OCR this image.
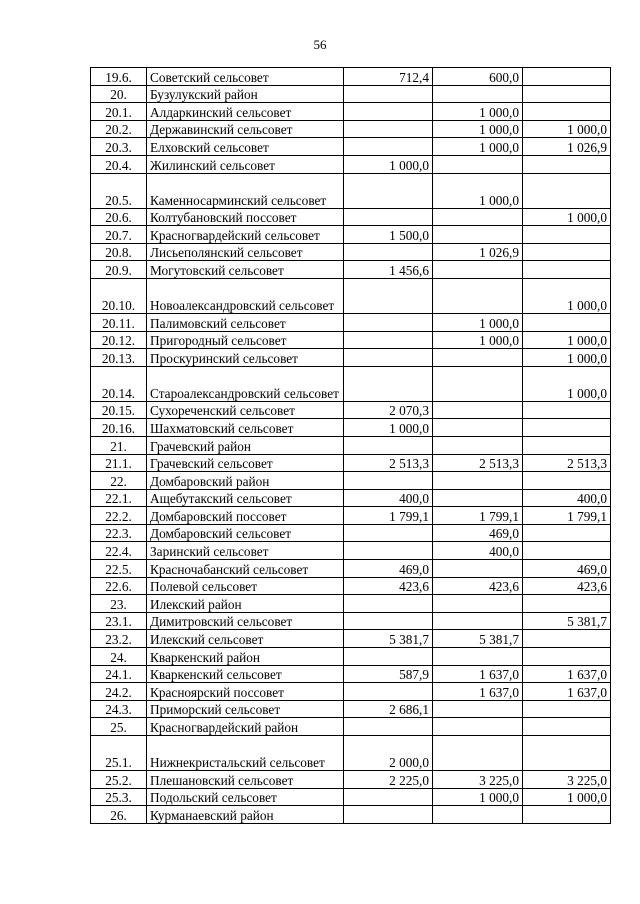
56
19.6.	Советский сельсовет	712,4	600,0	
20.	Бузулукский район			
20.1.	Алдаркинский сельсовет		1 000,0	
20.2.	Державинский сельсовет		1 000,0	1 000,0
20.3.	Елховский сельсовет		1 000,0	1 026,9
20.4.	Жилинский сельсовет	1 000,0		
20.5.	Каменносарминский сельсовет		1 000,0	
20.6.	Колтубановский поссовет			1 000,0
20.7.	Красногвардейский сельсовет	1 500,0		
20.8.	Лисьеполянский сельсовет		1 026,9	
20.9.	Могутовский сельсовет	1 456,6		
20.10.	Новоалександровский сельсовет			1 000,0
20.11.	Палимовский сельсовет		1 000,0	
20.12.	Пригородный сельсовет		1 000,0	1 000,0
20.13.	Проскуринский сельсовет			1 000,0
20.14.	Староалександровский сельсовет			1 000,0
20.15.	Сухореченский сельсовет	2 070,3		
20.16.	Шахматовский сельсовет	1 000,0		
21.	Грачевский район			
21.1.	Грачевский сельсовет	2 513,3	2 513,3	2 513,3
22.	Домбаровский район			
22.1.	Ащебутакский сельсовет	400,0		400,0
22.2.	Домбаровский поссовет	1 799,1	1 799,1	1 799,1
22.3.	Домбаровский сельсовет		469,0	
22.4.	Заринский сельсовет		400,0	
22.5.	Красночабанский сельсовет	469,0		469,0
22.6.	Полевой сельсовет	423,6	423,6	423,6
23.	Илекский район			
23.1.	Димитровский сельсовет			5 381,7
23.2.	Илекский сельсовет	5 381,7	5 381,7	
24.	Кваркенский район			
24.1.	Кваркенский сельсовет	587,9	1 637,0	1 637,0
24.2.	Красноярский поссовет		1 637,0	1 637,0
24.3.	Приморский сельсовет	2 686,1		
25.	Красногвардейский район			
25.1.	Нижнекристальский сельсовет	2 000,0		
25.2.	Плешановский сельсовет	2 225,0	3 225,0	3 225,0
25.3.	Подольский сельсовет		1 000,0	1 000,0
26.	Курманаевский район			
